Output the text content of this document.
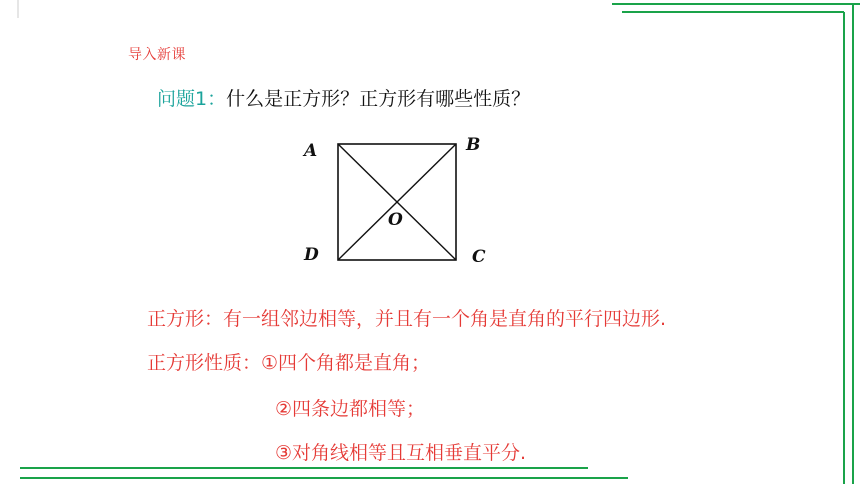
导入新课
问题1：什么是正方形？正方形有哪些性质？
A	B
C
D
O
正方形：有一组邻边相等，并且有一个角是直角的平行四边形.
正方形性质：①四个角都是直角；
②四条边都相等；
③对角线相等且互相垂直平分.
